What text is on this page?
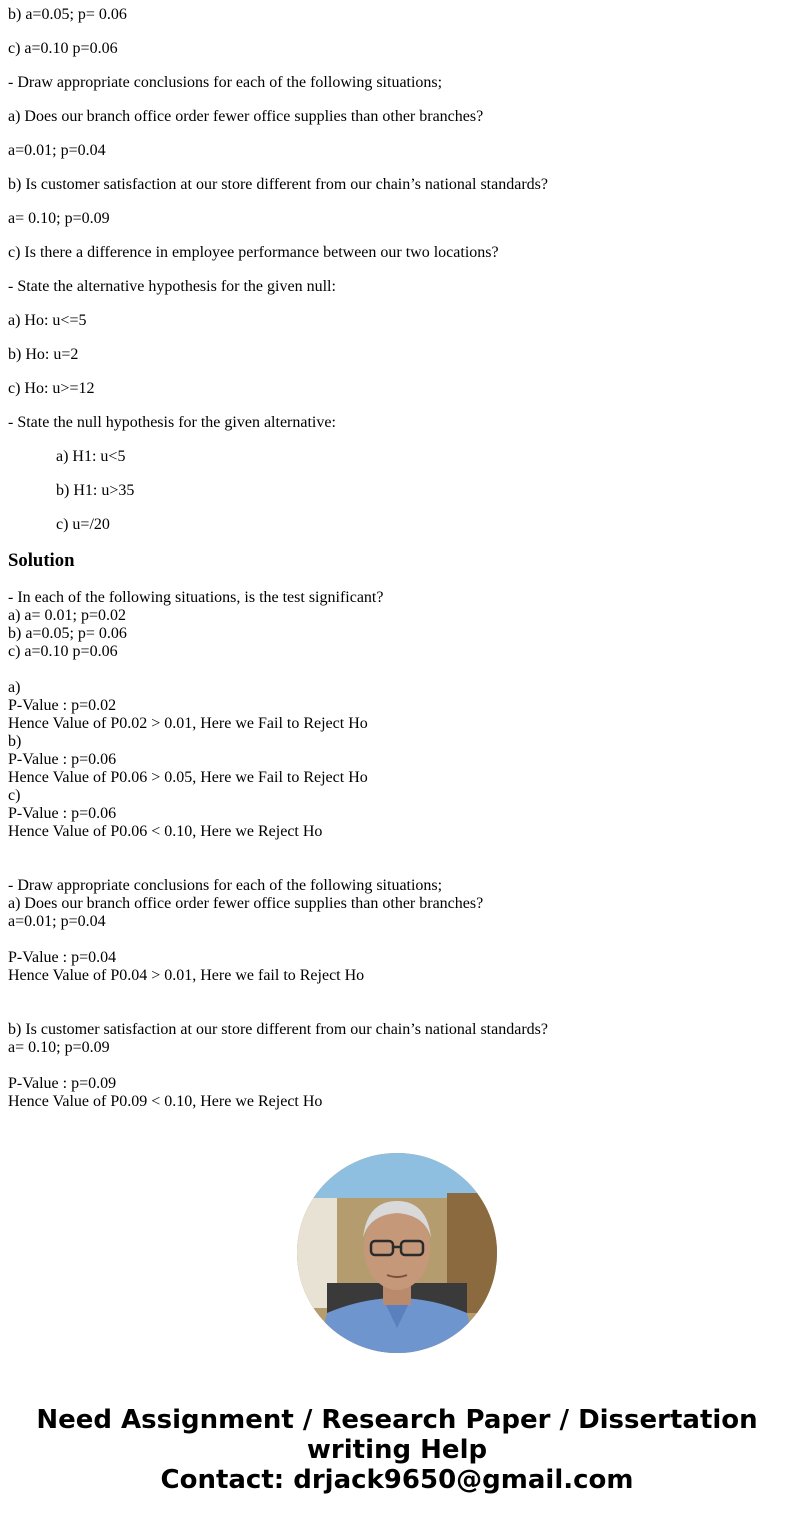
b) a=0.05; p= 0.06

c) a=0.10 p=0.06

- Draw appropriate conclusions for each of the following situations;

a) Does our branch office order fewer office supplies than other branches?

a=0.01; p=0.04

b) Is customer satisfaction at our store different from our chain’s national standards?

a= 0.10; p=0.09

c) Is there a difference in employee performance between our two locations?

- State the alternative hypothesis for the given null:

a) Ho: u<=5

b) Ho: u=2

c) Ho: u>=12

- State the null hypothesis for the given alternative:

a) H1: u<5

b) H1: u>35

c) u=/20

Solution
- In each of the following situations, is the test significant?
a) a= 0.01; p=0.02
b) a=0.05; p= 0.06
c) a=0.10 p=0.06
a)
P-Value : p=0.02
Hence Value of P0.02 > 0.01, Here we Fail to Reject Ho
b)
P-Value : p=0.06
Hence Value of P0.06 > 0.05, Here we Fail to Reject Ho
c)
P-Value : p=0.06
Hence Value of P0.06 < 0.10, Here we Reject Ho
- Draw appropriate conclusions for each of the following situations;
a) Does our branch office order fewer office supplies than other branches?
a=0.01; p=0.04
P-Value : p=0.04
Hence Value of P0.04 > 0.01, Here we fail to Reject Ho
b) Is customer satisfaction at our store different from our chain’s national standards?
a= 0.10; p=0.09
P-Value : p=0.09
Hence Value of P0.09 < 0.10, Here we Reject Ho
Need Assignment / Research Paper / Dissertation
writing Help
Contact: drjack9650@gmail.com
